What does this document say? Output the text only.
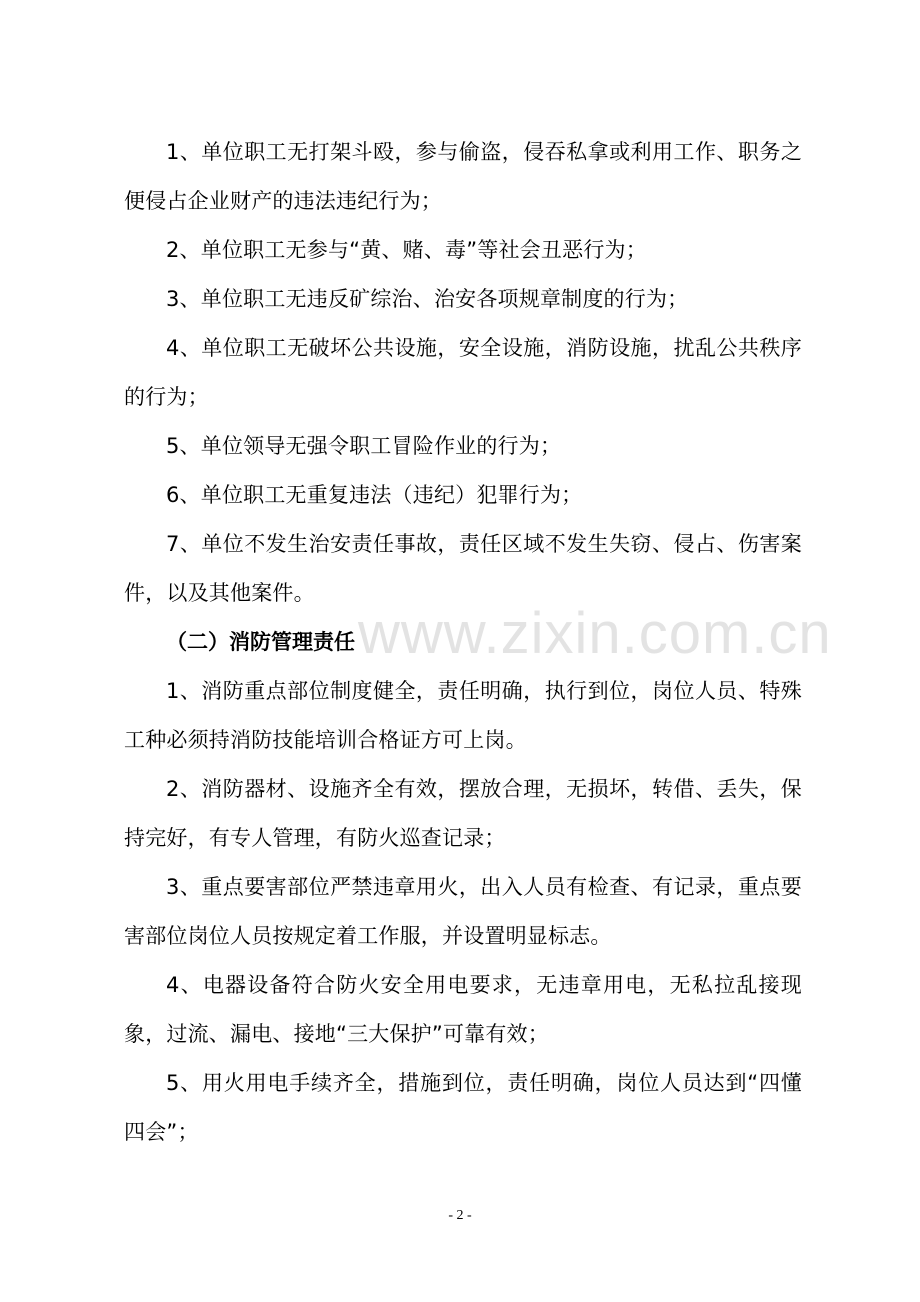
1、单位职工无打架斗殴，参与偷盗，侵吞私拿或利用工作、职务之便侵占企业财产的违法违纪行为；

2、单位职工无参与“黄、赌、毒”等社会丑恶行为；

3、单位职工无违反矿综治、治安各项规章制度的行为；

4、单位职工无破坏公共设施，安全设施，消防设施，扰乱公共秩序的行为；

5、单位领导无强令职工冒险作业的行为；

6、单位职工无重复违法（违纪）犯罪行为；

7、单位不发生治安责任事故，责任区域不发生失窃、侵占、伤害案件，以及其他案件。

（二）消防管理责任

1、消防重点部位制度健全，责任明确，执行到位，岗位人员、特殊工种必须持消防技能培训合格证方可上岗。

2、消防器材、设施齐全有效，摆放合理，无损坏，转借、丢失，保持完好，有专人管理，有防火巡查记录；

3、重点要害部位严禁违章用火，出入人员有检查、有记录，重点要害部位岗位人员按规定着工作服，并设置明显标志。

4、电器设备符合防火安全用电要求，无违章用电，无私拉乱接现象，过流、漏电、接地“三大保护”可靠有效；

5、用火用电手续齐全，措施到位，责任明确，岗位人员达到“四懂四会”；

www.zixin.com.cn
- 2 -
